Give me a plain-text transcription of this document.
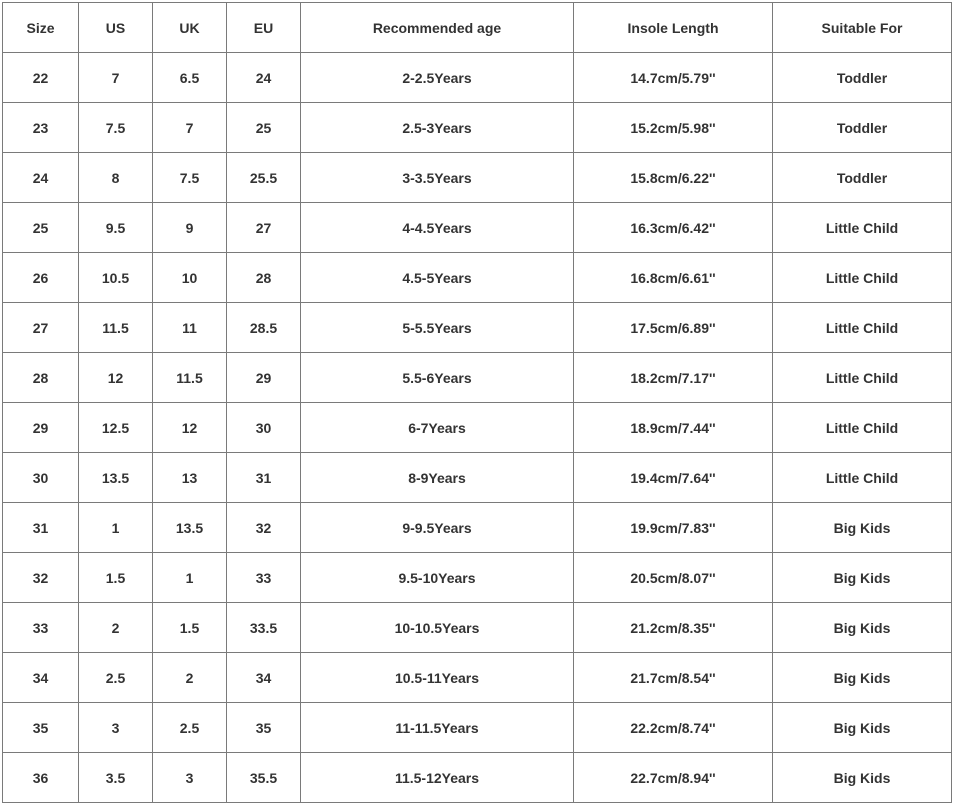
Size	US	UK	EU	Recommended age	Insole Length	Suitable For
22	7	6.5	24	2-2.5Years	14.7cm/5.79''	Toddler
23	7.5	7	25	2.5-3Years	15.2cm/5.98''	Toddler
24	8	7.5	25.5	3-3.5Years	15.8cm/6.22''	Toddler
25	9.5	9	27	4-4.5Years	16.3cm/6.42''	Little Child
26	10.5	10	28	4.5-5Years	16.8cm/6.61''	Little Child
27	11.5	11	28.5	5-5.5Years	17.5cm/6.89''	Little Child
28	12	11.5	29	5.5-6Years	18.2cm/7.17''	Little Child
29	12.5	12	30	6-7Years	18.9cm/7.44''	Little Child
30	13.5	13	31	8-9Years	19.4cm/7.64''	Little Child
31	1	13.5	32	9-9.5Years	19.9cm/7.83''	Big Kids
32	1.5	1	33	9.5-10Years	20.5cm/8.07''	Big Kids
33	2	1.5	33.5	10-10.5Years	21.2cm/8.35''	Big Kids
34	2.5	2	34	10.5-11Years	21.7cm/8.54''	Big Kids
35	3	2.5	35	11-11.5Years	22.2cm/8.74''	Big Kids
36	3.5	3	35.5	11.5-12Years	22.7cm/8.94''	Big Kids
